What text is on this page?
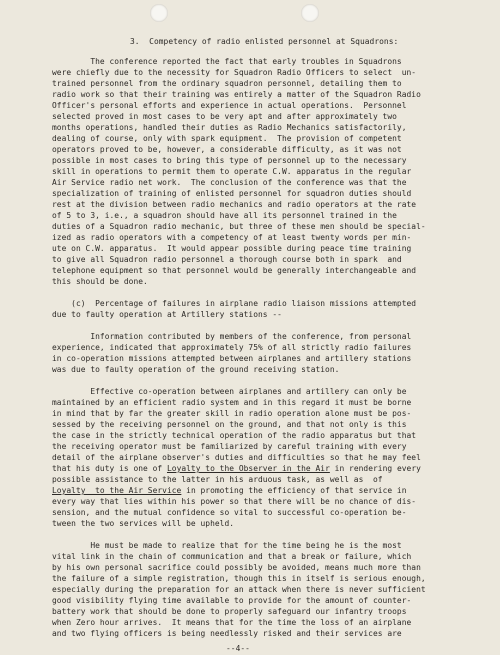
3.  Competency of radio enlisted personnel at Squadrons:
The conference reported the fact that early troubles in Squadrons
were chiefly due to the necessity for Squadron Radio Officers to select  un-
trained personnel from the ordinary squadron personnel, detailing them to
radio work so that their training was entirely a matter of the Squadron Radio
Officer's personal efforts and experience in actual operations.  Personnel
selected proved in most cases to be very apt and after approximately two
months operations, handled their duties as Radio Mechanics satisfactorily,
dealing of course, only with spark equipment.  The provision of competent
operators proved to be, however, a considerable difficulty, as it was not
possible in most cases to bring this type of personnel up to the necessary
skill in operations to permit them to operate C.W. apparatus in the regular
Air Service radio net work.  The conclusion of the conference was that the
specialization of training of enlisted personnel for squadron duties should
rest at the division between radio mechanics and radio operators at the rate
of 5 to 3, i.e., a squadron should have all its personnel trained in the
duties of a Squadron radio mechanic, but three of these men should be special-
ized as radio operators with a competency of at least twenty words per min-
ute on C.W. apparatus.  It would appear possible during peace time training
to give all Squadron radio personnel a thorough course both in spark  and
telephone equipment so that personnel would be generally interchangeable and
this should be done.
(c)  Percentage of failures in airplane radio liaison missions attempted
due to faulty operation at Artillery stations --
Information contributed by members of the conference, from personal
experience, indicated that approximately 75% of all strictly radio failures
in co-operation missions attempted between airplanes and artillery stations
was due to faulty operation of the ground receiving station.
Effective co-operation between airplanes and artillery can only be
maintained by an efficient radio system and in this regard it must be borne
in mind that by far the greater skill in radio operation alone must be pos-
sessed by the receiving personnel on the ground, and that not only is this
the case in the strictly technical operation of the radio apparatus but that
the receiving operator must be familiarized by careful training with every
detail of the airplane observer's duties and difficulties so that he may feel
that his duty is one of Loyalty to the Observer in the Air in rendering every
possible assistance to the latter in his arduous task, as well as  of
Loyalty  to the Air Service in promoting the efficiency of that service in
every way that lies within his power so that there will be no chance of dis-
sension, and the mutual confidence so vital to successful co-operation be-
tween the two services will be upheld.
He must be made to realize that for the time being he is the most
vital link in the chain of communication and that a break or failure, which
by his own personal sacrifice could possibly be avoided, means much more than
the failure of a simple registration, though this in itself is serious enough,
especially during the preparation for an attack when there is never sufficient
good visibility flying time available to provide for the amount of counter-
battery work that should be done to properly safeguard our infantry troops
when Zero hour arrives.  It means that for the time the loss of an airplane
and two flying officers is being needlessly risked and their services are
--4--
